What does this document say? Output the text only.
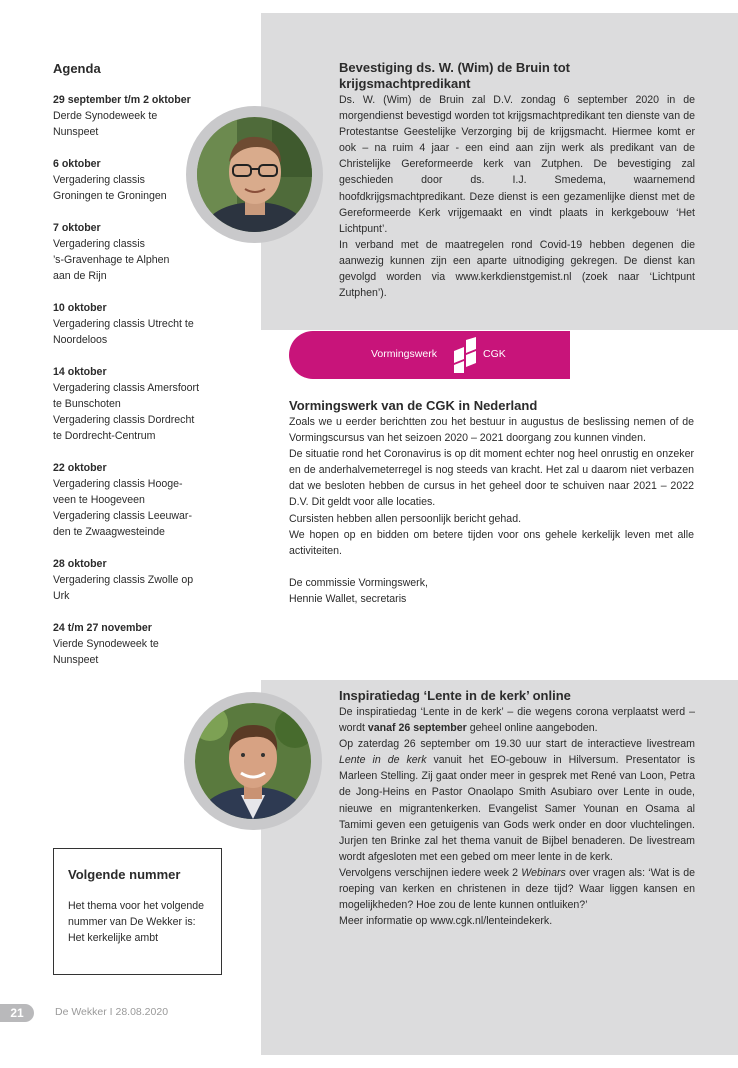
Agenda
29 september t/m 2 oktober
Derde Synodeweek te
Nunspeet
6 oktober
Vergadering classis
Groningen te Groningen
7 oktober
Vergadering classis
’s-Gravenhage te Alphen
aan de Rijn
10 oktober
Vergadering classis Utrecht te
Noordeloos
14 oktober
Vergadering classis Amersfoort
te Bunschoten
Vergadering classis Dordrecht
te Dordrecht-Centrum
22 oktober
Vergadering classis Hooge-
veen te Hoogeveen
Vergadering classis Leeuwar-
den te Zwaagwesteinde
28 oktober
Vergadering classis Zwolle op
Urk
24 t/m 27 november
Vierde Synodeweek te
Nunspeet
Bevestiging ds. W. (Wim) de Bruin tot krijgsmachtpredikant

Ds. W. (Wim) de Bruin zal D.V. zondag 6 september 2020 in de morgendienst bevestigd worden tot krijgsmachtpredikant ten dienste van de Protestantse Geestelijke Verzorging bij de krijgsmacht. Hiermee komt er ook – na ruim 4 jaar - een eind aan zijn werk als predikant van de Christelijke Gereformeerde kerk van Zutphen. De bevestiging zal geschieden door ds. I.J. Smedema, waarnemend hoofdkrijgsmachtpredikant. Deze dienst is een gezamenlijke dienst met de Gereformeerde Kerk vrijgemaakt en vindt plaats in kerkgebouw ‘Het Lichtpunt’.

In verband met de maatregelen rond Covid-19 hebben degenen die aanwezig kunnen zijn een aparte uitnodiging gekregen. De dienst kan gevolgd worden via www.kerkdienstgemist.nl (zoek naar ‘Lichtpunt Zutphen’).

Vormingswerk	CGK
Vormingswerk van de CGK in Nederland

Zoals we u eerder berichtten zou het bestuur in augustus de beslissing nemen of de Vormingscursus van het seizoen 2020 – 2021 doorgang zou kunnen vinden.

De situatie rond het Coronavirus is op dit moment echter nog heel onrustig en onzeker en de anderhalvemeterregel is nog steeds van kracht. Het zal u daarom niet verbazen dat we besloten hebben de cursus in het geheel door te schuiven naar 2021 – 2022 D.V. Dit geldt voor alle locaties.

Cursisten hebben allen persoonlijk bericht gehad.

We hopen op en bidden om betere tijden voor ons gehele kerkelijk leven met alle activiteiten.

De commissie Vormingswerk,

Hennie Wallet, secretaris

Inspiratiedag ‘Lente in de kerk’ online

De inspiratiedag ‘Lente in de kerk’ – die wegens corona verplaatst werd – wordt vanaf 26 september geheel online aangeboden.

Op zaterdag 26 september om 19.30 uur start de interactieve livestream Lente in de kerk vanuit het EO-gebouw in Hilversum. Presentator is Marleen Stelling. Zij gaat onder meer in gesprek met René van Loon, Petra de Jong-Heins en Pastor Onaolapo Smith Asubiaro over Lente in oude, nieuwe en migrantenkerken. Evangelist Samer Younan en Osama al Tamimi geven een getuigenis van Gods werk onder en door vluchtelingen. Jurjen ten Brinke zal het thema vanuit de Bijbel benaderen. De livestream wordt afgesloten met een gebed om meer lente in de kerk.

Vervolgens verschijnen iedere week 2 Webinars over vragen als: ‘Wat is de roeping van kerken en christenen in deze tijd? Waar liggen kansen en mogelijkheden? Hoe zou de lente kunnen ontluiken?’

Meer informatie op www.cgk.nl/lenteindekerk.

Volgende nummer

Het thema voor het volgende nummer van De Wekker is: Het kerkelijke ambt

21	De Wekker I 28.08.2020
